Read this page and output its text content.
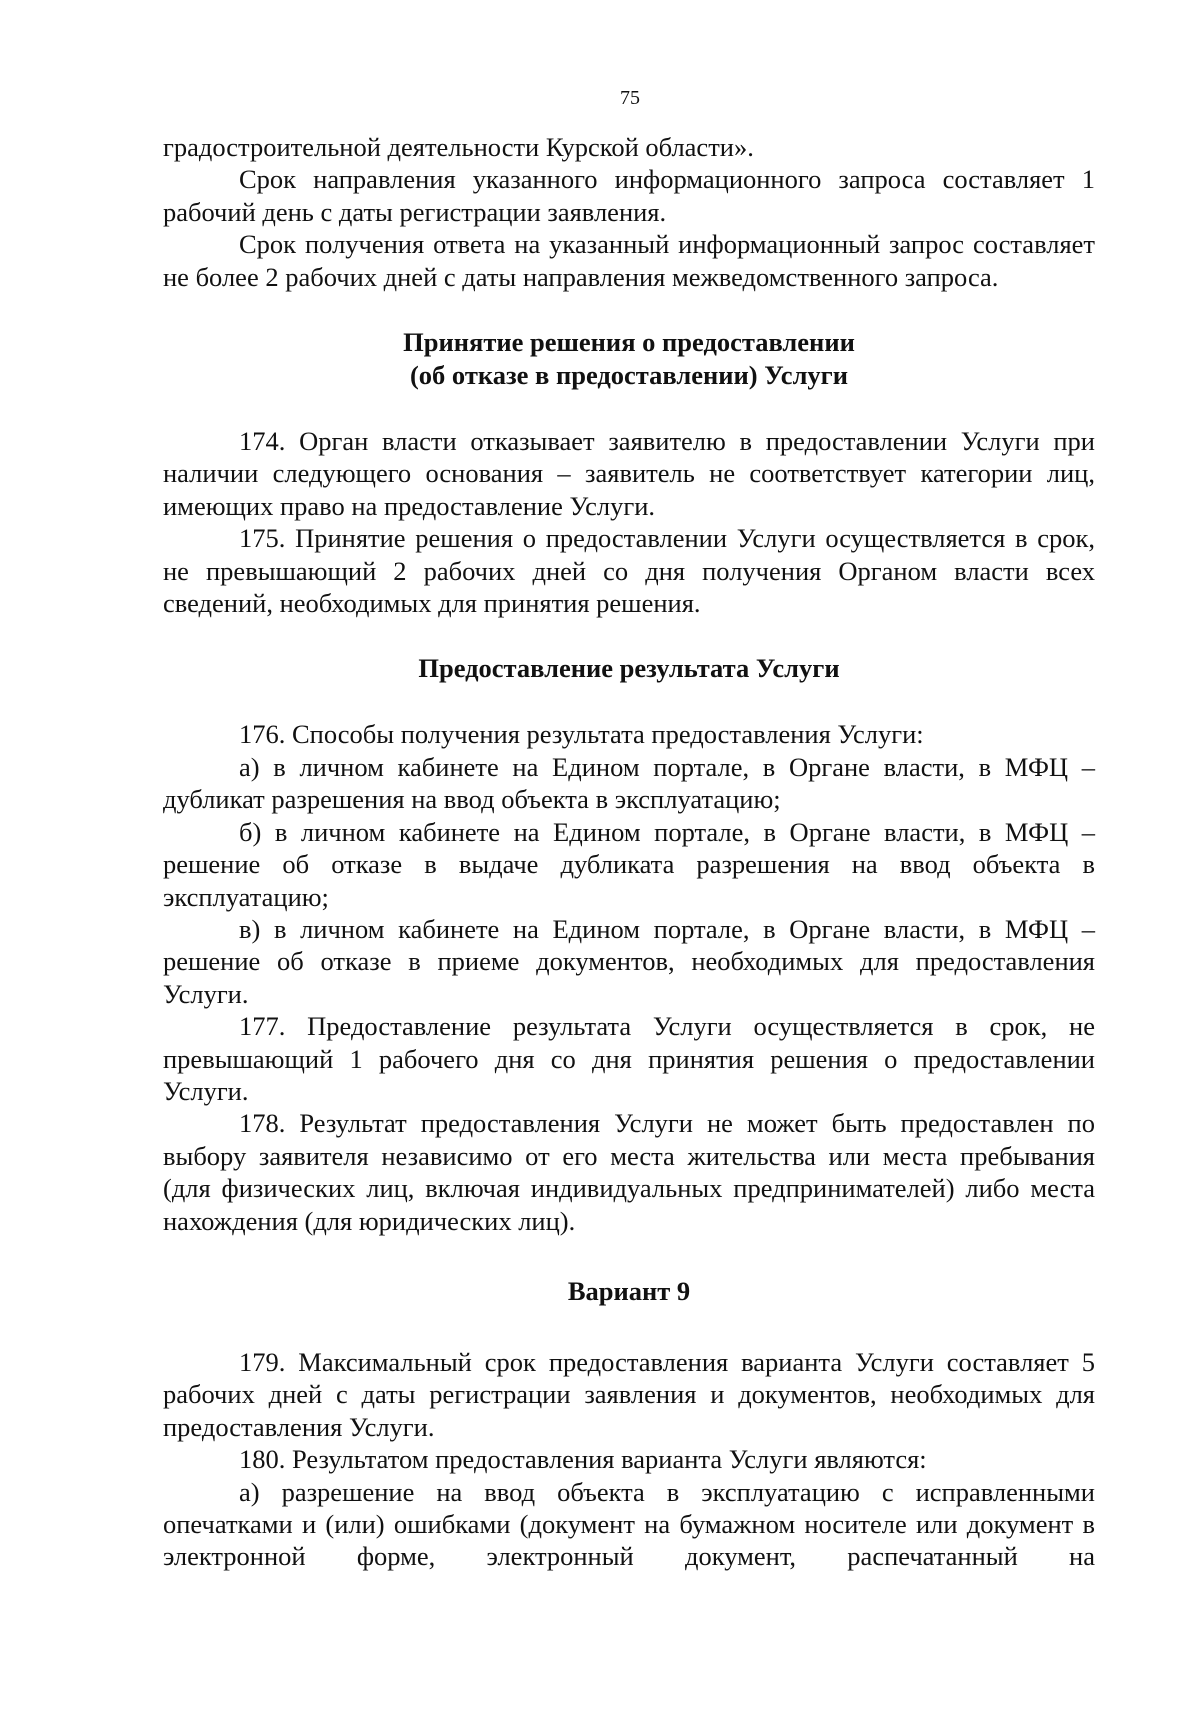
75

градостроительной деятельности Курской области».

Срок направления указанного информационного запроса составляет 1 рабочий день с даты регистрации заявления.

Срок получения ответа на указанный информационный запрос составляет не более 2 рабочих дней с даты направления межведомственного запроса.

Принятие решения о предоставлении
(об отказе в предоставлении) Услуги

174. Орган власти отказывает заявителю в предоставлении Услуги при наличии следующего основания – заявитель не соответствует категории лиц, имеющих право на предоставление Услуги.

175. Принятие решения о предоставлении Услуги осуществляется в срок, не превышающий 2 рабочих дней со дня получения Органом власти всех сведений, необходимых для принятия решения.

Предоставление результата Услуги

176. Способы получения результата предоставления Услуги:

а) в личном кабинете на Едином портале, в Органе власти, в МФЦ – дубликат разрешения на ввод объекта в эксплуатацию;

б) в личном кабинете на Едином портале, в Органе власти, в МФЦ – решение об отказе в выдаче дубликата разрешения на ввод объекта в эксплуатацию;

в) в личном кабинете на Едином портале, в Органе власти, в МФЦ – решение об отказе в приеме документов, необходимых для предоставления Услуги.

177. Предоставление результата Услуги осуществляется в срок, не превышающий 1 рабочего дня со дня принятия решения о предоставлении Услуги.

178. Результат предоставления Услуги не может быть предоставлен по выбору заявителя независимо от его места жительства или места пребывания (для физических лиц, включая индивидуальных предпринимателей) либо места нахождения (для юридических лиц).

Вариант 9

179. Максимальный срок предоставления варианта Услуги составляет 5 рабочих дней с даты регистрации заявления и документов, необходимых для предоставления Услуги.

180. Результатом предоставления варианта Услуги являются:

а) разрешение на ввод объекта в эксплуатацию с исправленными опечатками и (или) ошибками (документ на бумажном носителе или документ в электронной форме, электронный документ, распечатанный на
